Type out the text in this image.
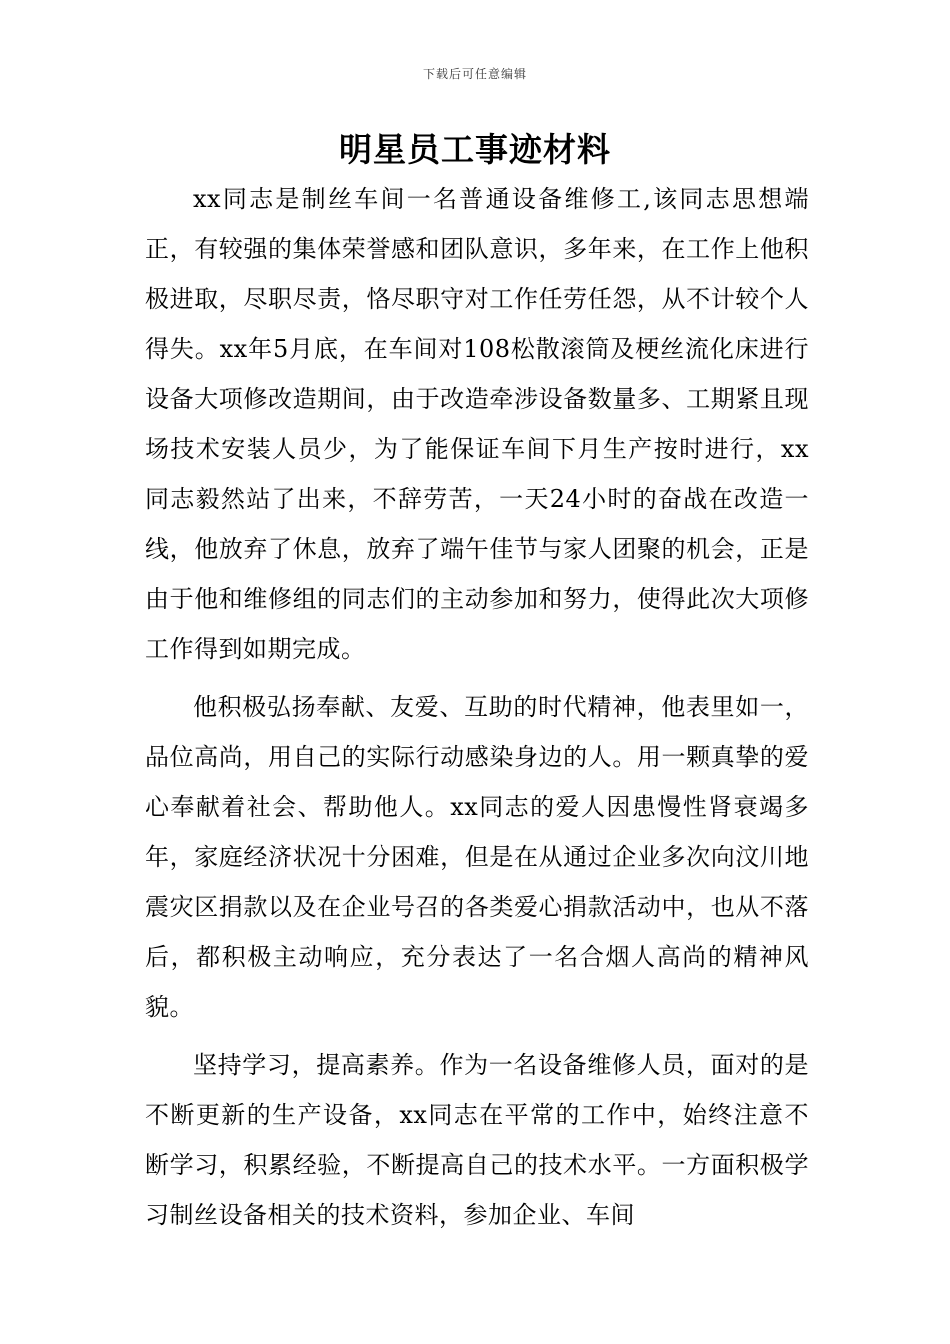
下载后可任意编辑
明星员工事迹材料

xx同志是制丝车间一名普通设备维修工,该同志思想端正，有较强的集体荣誉感和团队意识，多年来，在工作上他积极进取，尽职尽责，恪尽职守对工作任劳任怨，从不计较个人得失。xx年5月底，在车间对108松散滚筒及梗丝流化床进行设备大项修改造期间，由于改造牵涉设备数量多、工期紧且现场技术安装人员少，为了能保证车间下月生产按时进行，xx同志毅然站了出来，不辞劳苦，一天24小时的奋战在改造一线，他放弃了休息，放弃了端午佳节与家人团聚的机会，正是由于他和维修组的同志们的主动参加和努力，使得此次大项修工作得到如期完成。

他积极弘扬奉献、友爱、互助的时代精神，他表里如一，品位高尚，用自己的实际行动感染身边的人。用一颗真挚的爱心奉献着社会、帮助他人。xx同志的爱人因患慢性肾衰竭多年，家庭经济状况十分困难，但是在从通过企业多次向汶川地震灾区捐款以及在企业号召的各类爱心捐款活动中，也从不落后，都积极主动响应，充分表达了一名合烟人高尚的精神风貌。

坚持学习，提高素养。作为一名设备维修人员，面对的是不断更新的生产设备，xx同志在平常的工作中，始终注意不断学习，积累经验，不断提高自己的技术水平。一方面积极学习制丝设备相关的技术资料，参加企业、车间
